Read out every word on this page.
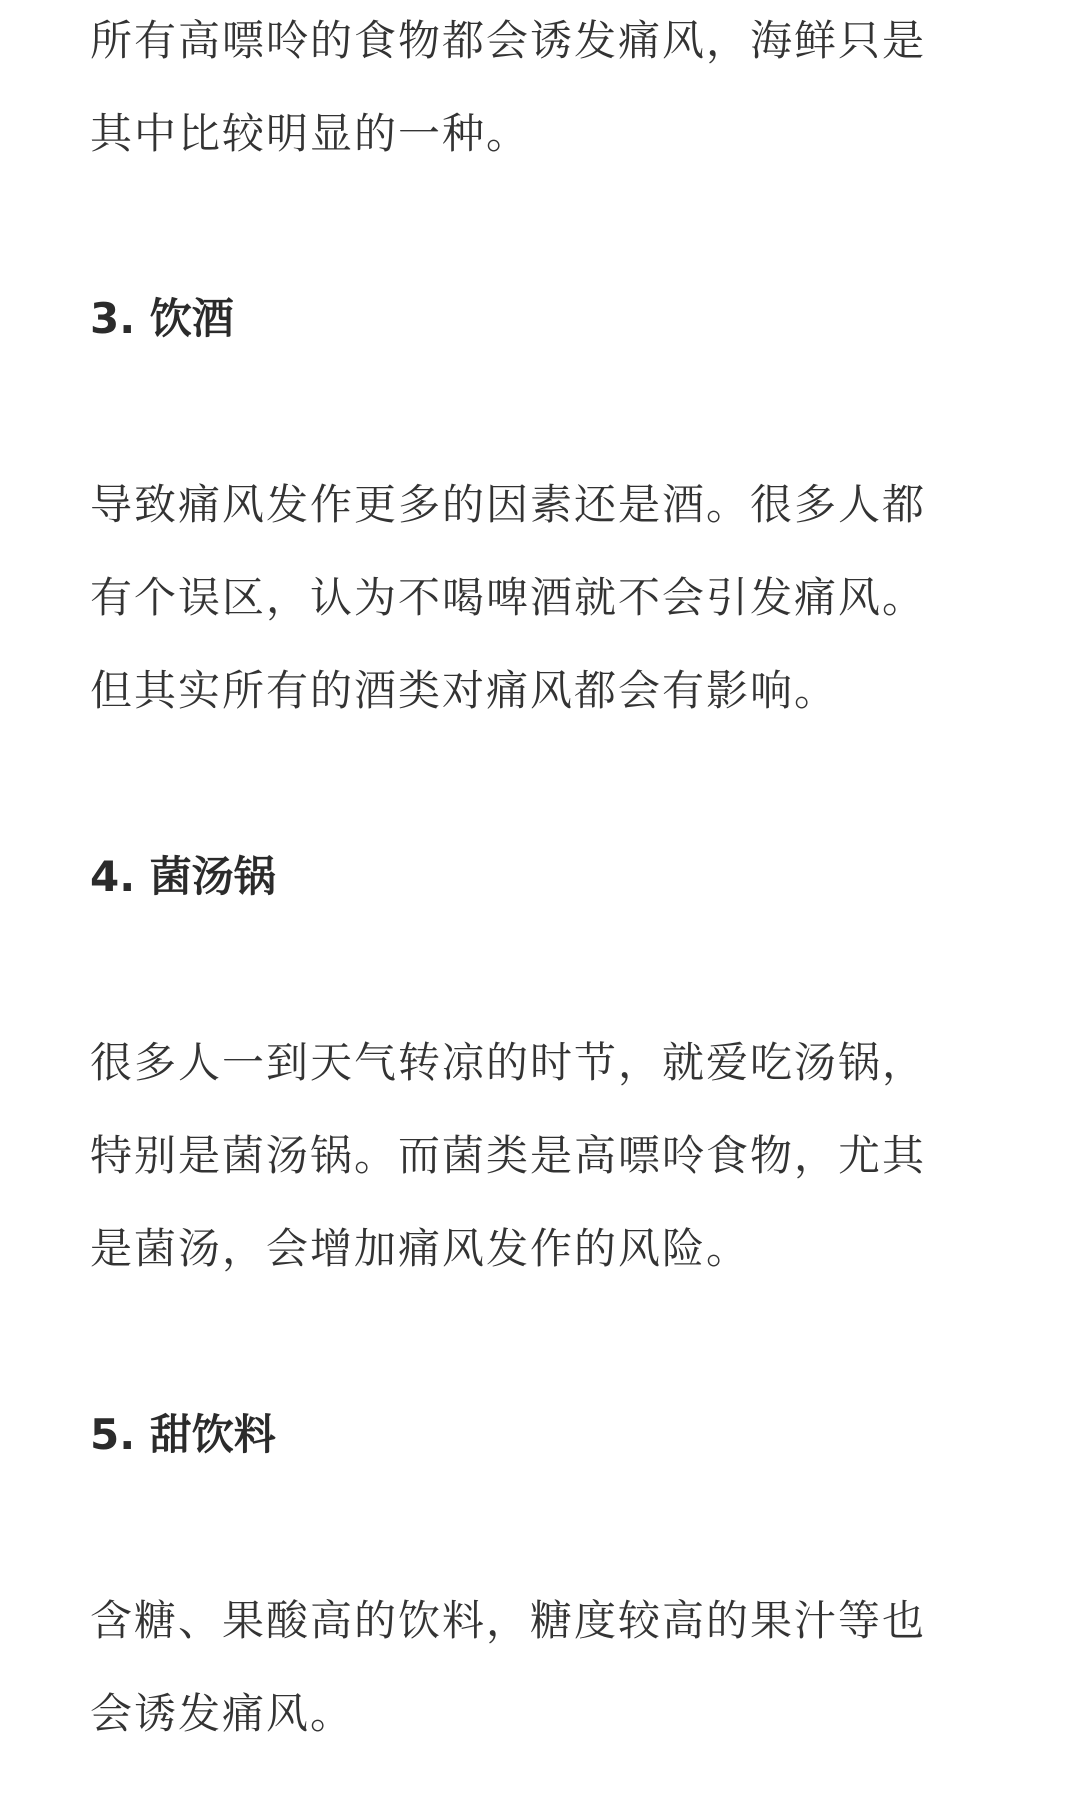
所有高嘌呤的食物都会诱发痛风，海鲜只是
其中比较明显的一种。
3. 饮酒
导致痛风发作更多的因素还是酒。很多人都
有个误区，认为不喝啤酒就不会引发痛风。
但其实所有的酒类对痛风都会有影响。
4. 菌汤锅
很多人一到天气转凉的时节，就爱吃汤锅，
特别是菌汤锅。而菌类是高嘌呤食物，尤其
是菌汤，会增加痛风发作的风险。
5. 甜饮料
含糖、果酸高的饮料，糖度较高的果汁等也
会诱发痛风。
